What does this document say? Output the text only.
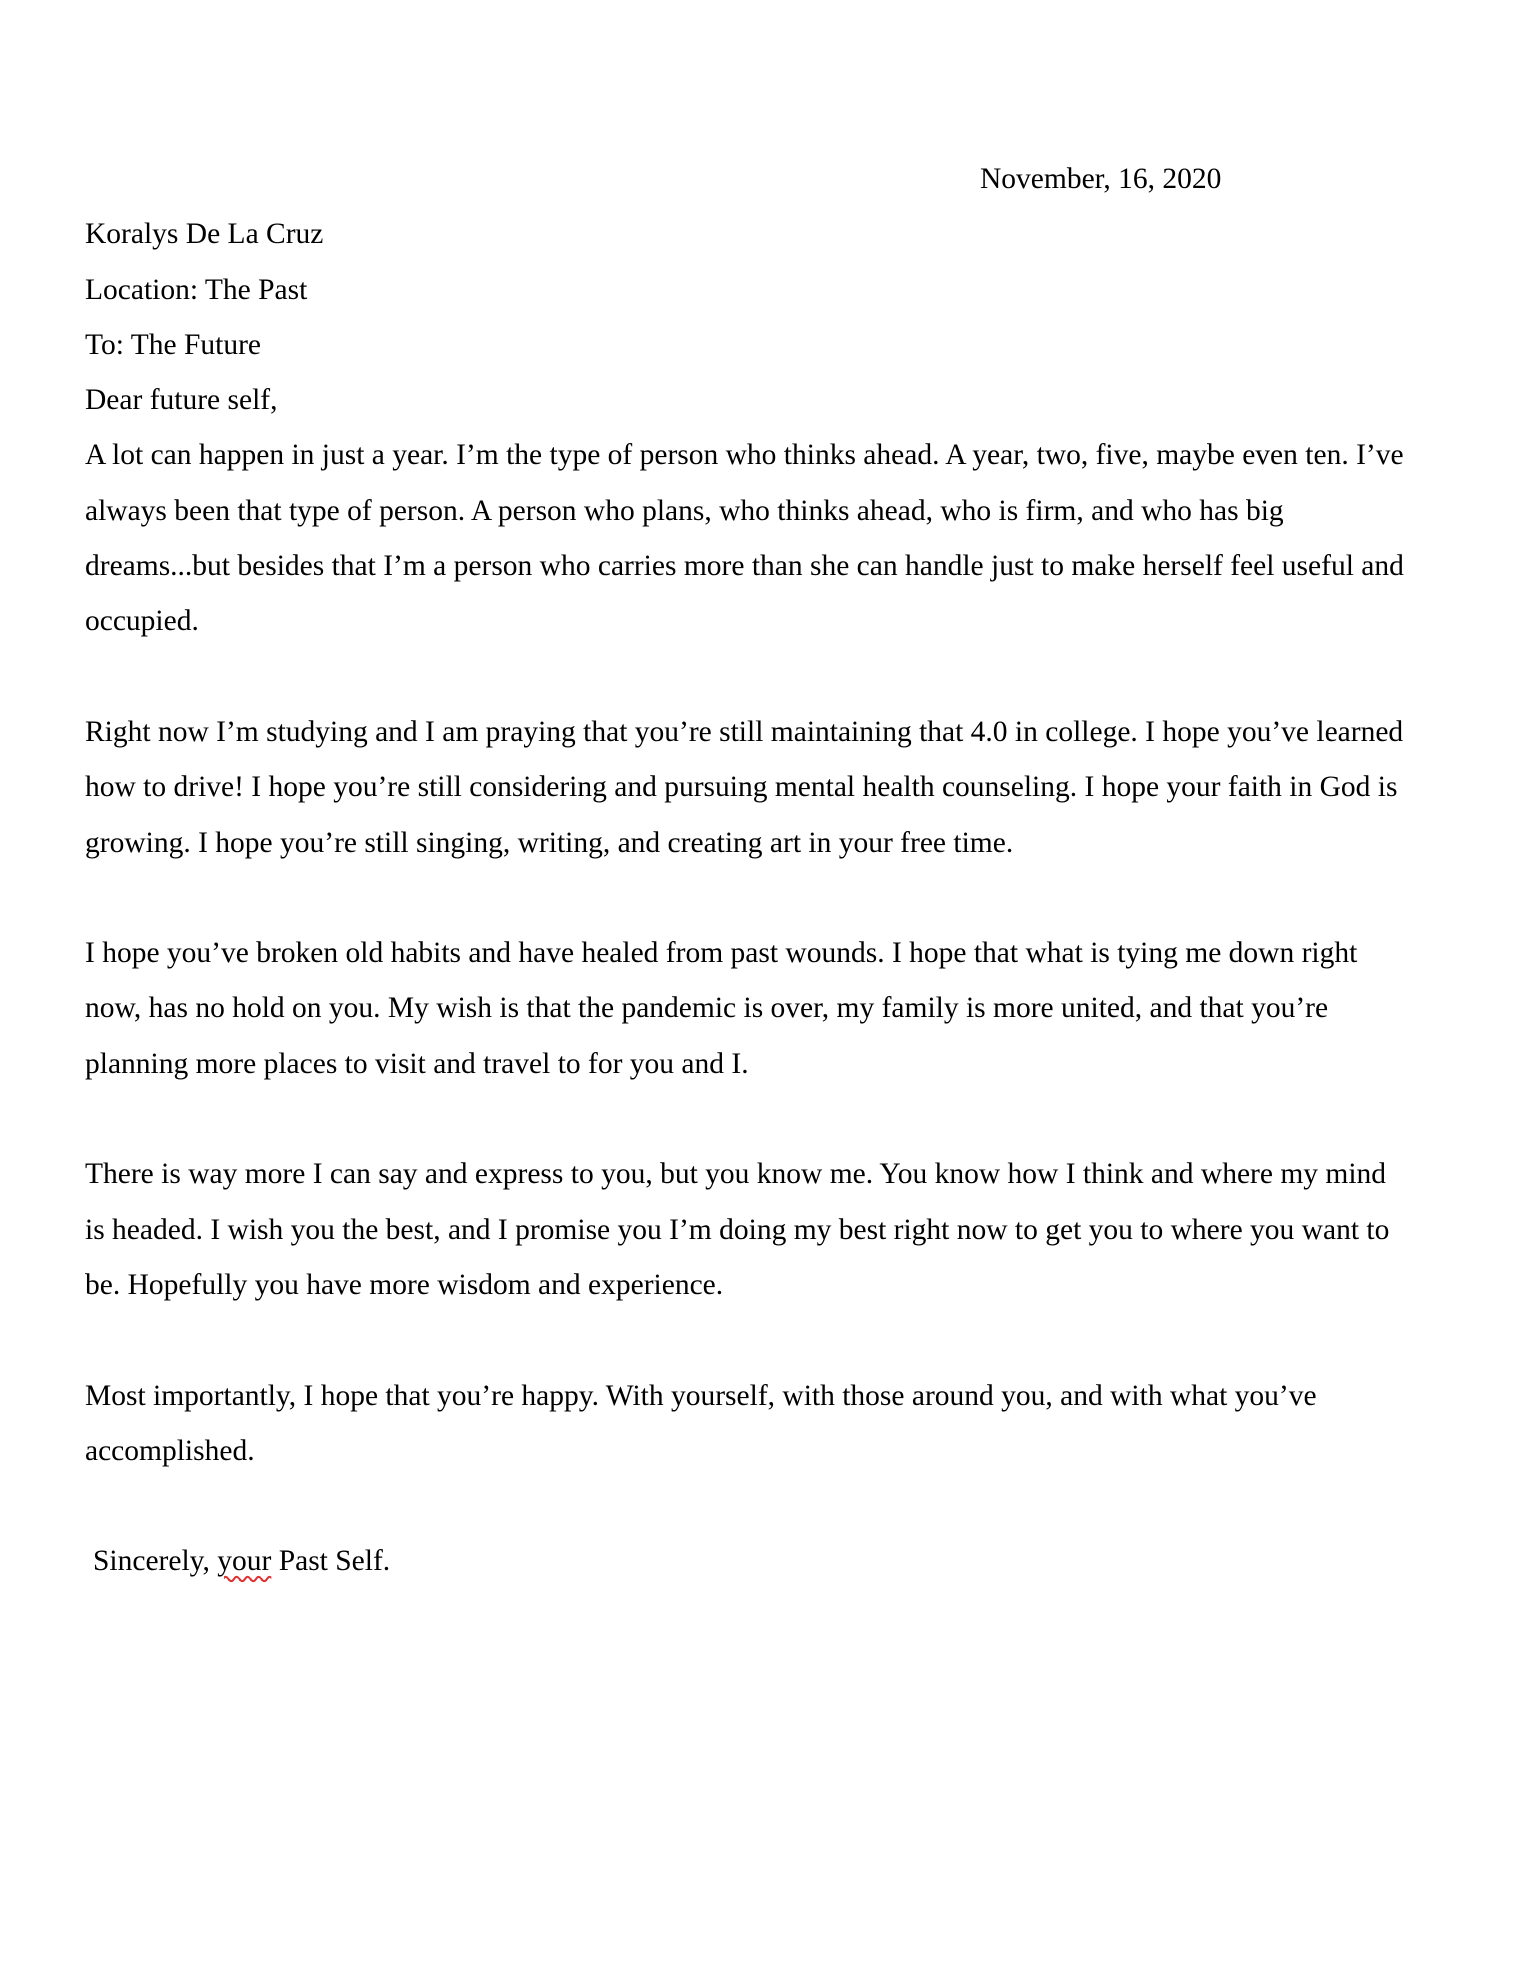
November, 16, 2020
Koralys De La Cruz
Location: The Past
To: The Future
Dear future self,
A lot can happen in just a year. I’m the type of person who thinks ahead. A year, two, five, maybe even ten. I’ve
always been that type of person. A person who plans, who thinks ahead, who is firm, and who has big
dreams...but besides that I’m a person who carries more than she can handle just to make herself feel useful and
occupied.
Right now I’m studying and I am praying that you’re still maintaining that 4.0 in college. I hope you’ve learned
how to drive! I hope you’re still considering and pursuing mental health counseling. I hope your faith in God is
growing. I hope you’re still singing, writing, and creating art in your free time.
I hope you’ve broken old habits and have healed from past wounds. I hope that what is tying me down right
now, has no hold on you. My wish is that the pandemic is over, my family is more united, and that you’re
planning more places to visit and travel to for you and I.
There is way more I can say and express to you, but you know me. You know how I think and where my mind
is headed. I wish you the best, and I promise you I’m doing my best right now to get you to where you want to
be. Hopefully you have more wisdom and experience.
Most importantly, I hope that you’re happy. With yourself, with those around you, and with what you’ve
accomplished.
Sincerely, your Past Self.
